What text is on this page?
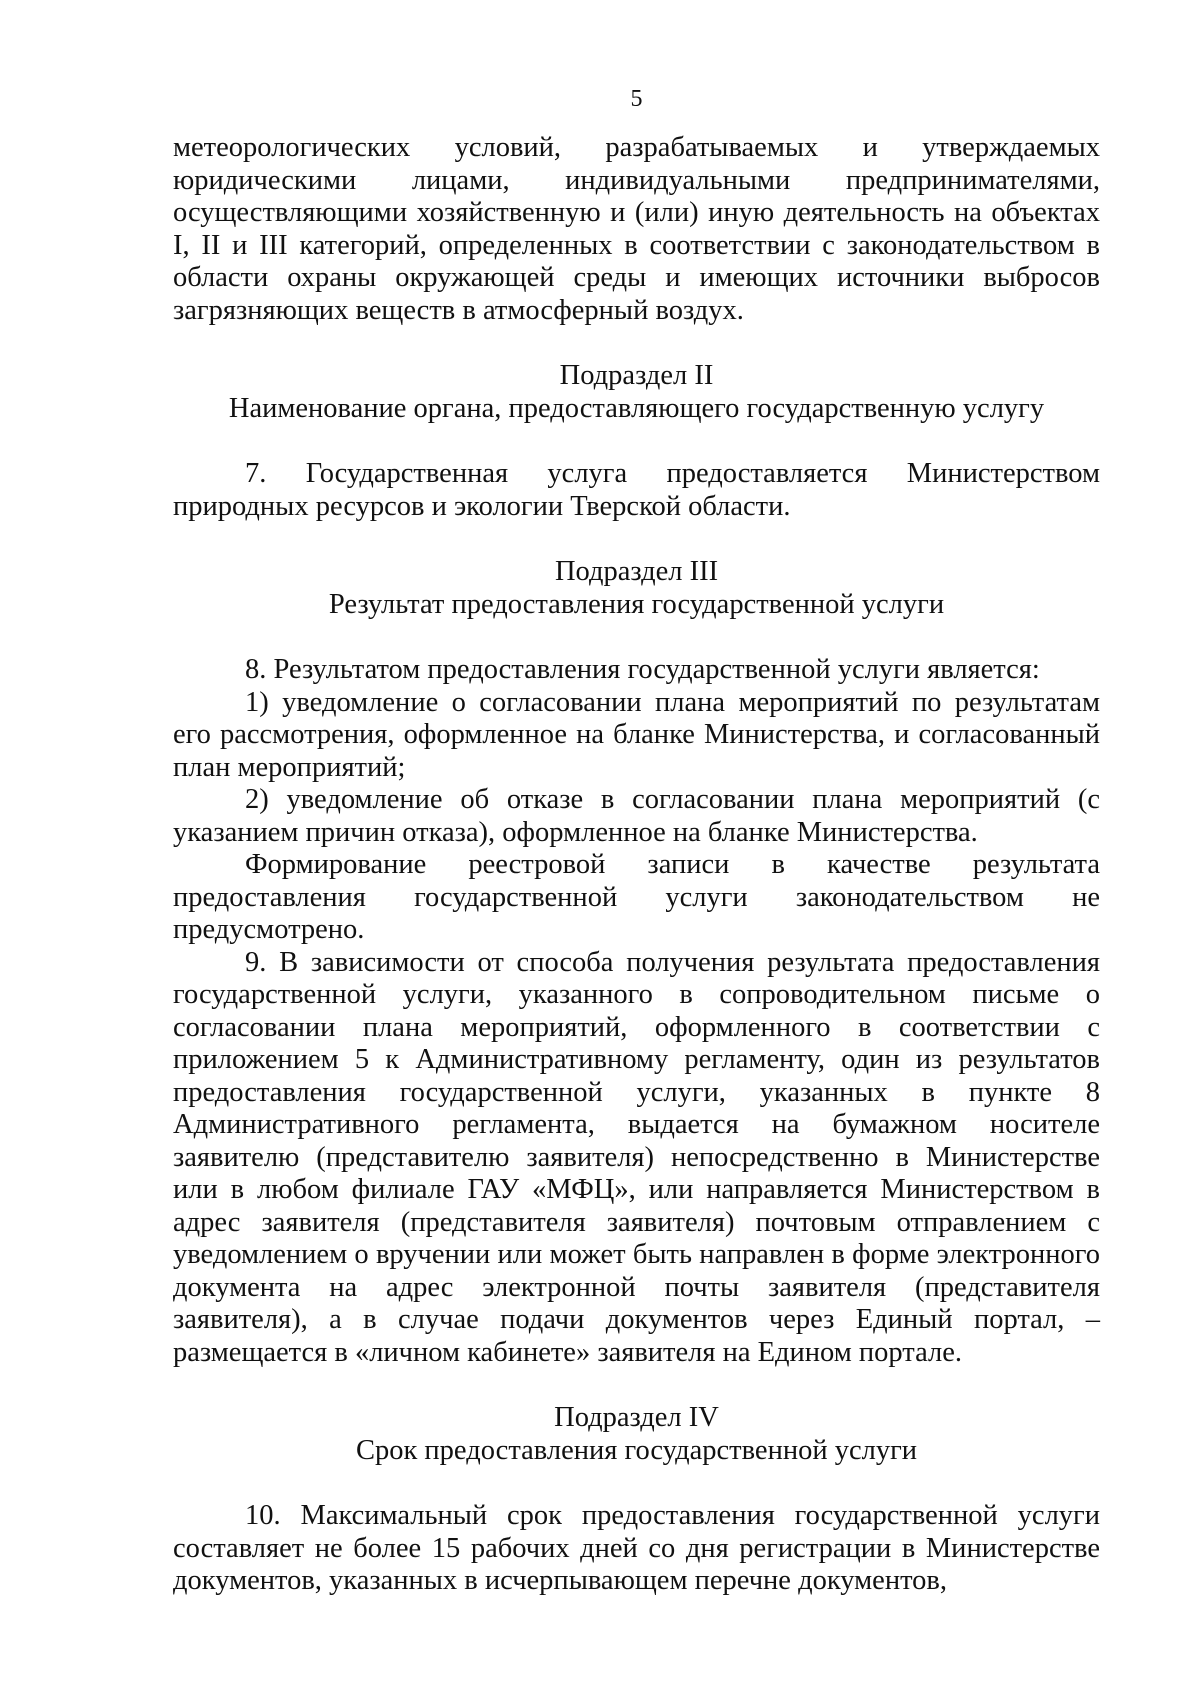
5

метеорологических условий, разрабатываемых и утверждаемых юридическими лицами, индивидуальными предпринимателями, осуществляющими хозяйственную и (или) иную деятельность на объектах I, II и III категорий, определенных в соответствии с законодательством в области охраны окружающей среды и имеющих источники выбросов загрязняющих веществ в атмосферный воздух.

Подраздел II

Наименование органа, предоставляющего государственную услугу

7. Государственная услуга предоставляется Министерством природных ресурсов и экологии Тверской области.

Подраздел III

Результат предоставления государственной услуги

8. Результатом предоставления государственной услуги является:

1) уведомление о согласовании плана мероприятий по результатам его рассмотрения, оформленное на бланке Министерства, и согласованный план мероприятий;

2) уведомление об отказе в согласовании плана мероприятий (с указанием причин отказа), оформленное на бланке Министерства.

Формирование реестровой записи в качестве результата предоставления государственной услуги законодательством не предусмотрено.

9. В зависимости от способа получения результата предоставления государственной услуги, указанного в сопроводительном письме о согласовании плана мероприятий, оформленного в соответствии с приложением 5 к Административному регламенту, один из результатов предоставления государственной услуги, указанных в пункте 8 Административного регламента, выдается на бумажном носителе заявителю (представителю заявителя) непосредственно в Министерстве или в любом филиале ГАУ «МФЦ», или направляется Министерством в адрес заявителя (представителя заявителя) почтовым отправлением с уведомлением о вручении или может быть направлен в форме электронного документа на адрес электронной почты заявителя (представителя заявителя), а в случае подачи документов через Единый портал, – размещается в «личном кабинете» заявителя на Едином портале.

Подраздел IV

Срок предоставления государственной услуги

10. Максимальный срок предоставления государственной услуги составляет не более 15 рабочих дней со дня регистрации в Министерстве документов, указанных в исчерпывающем перечне документов,
